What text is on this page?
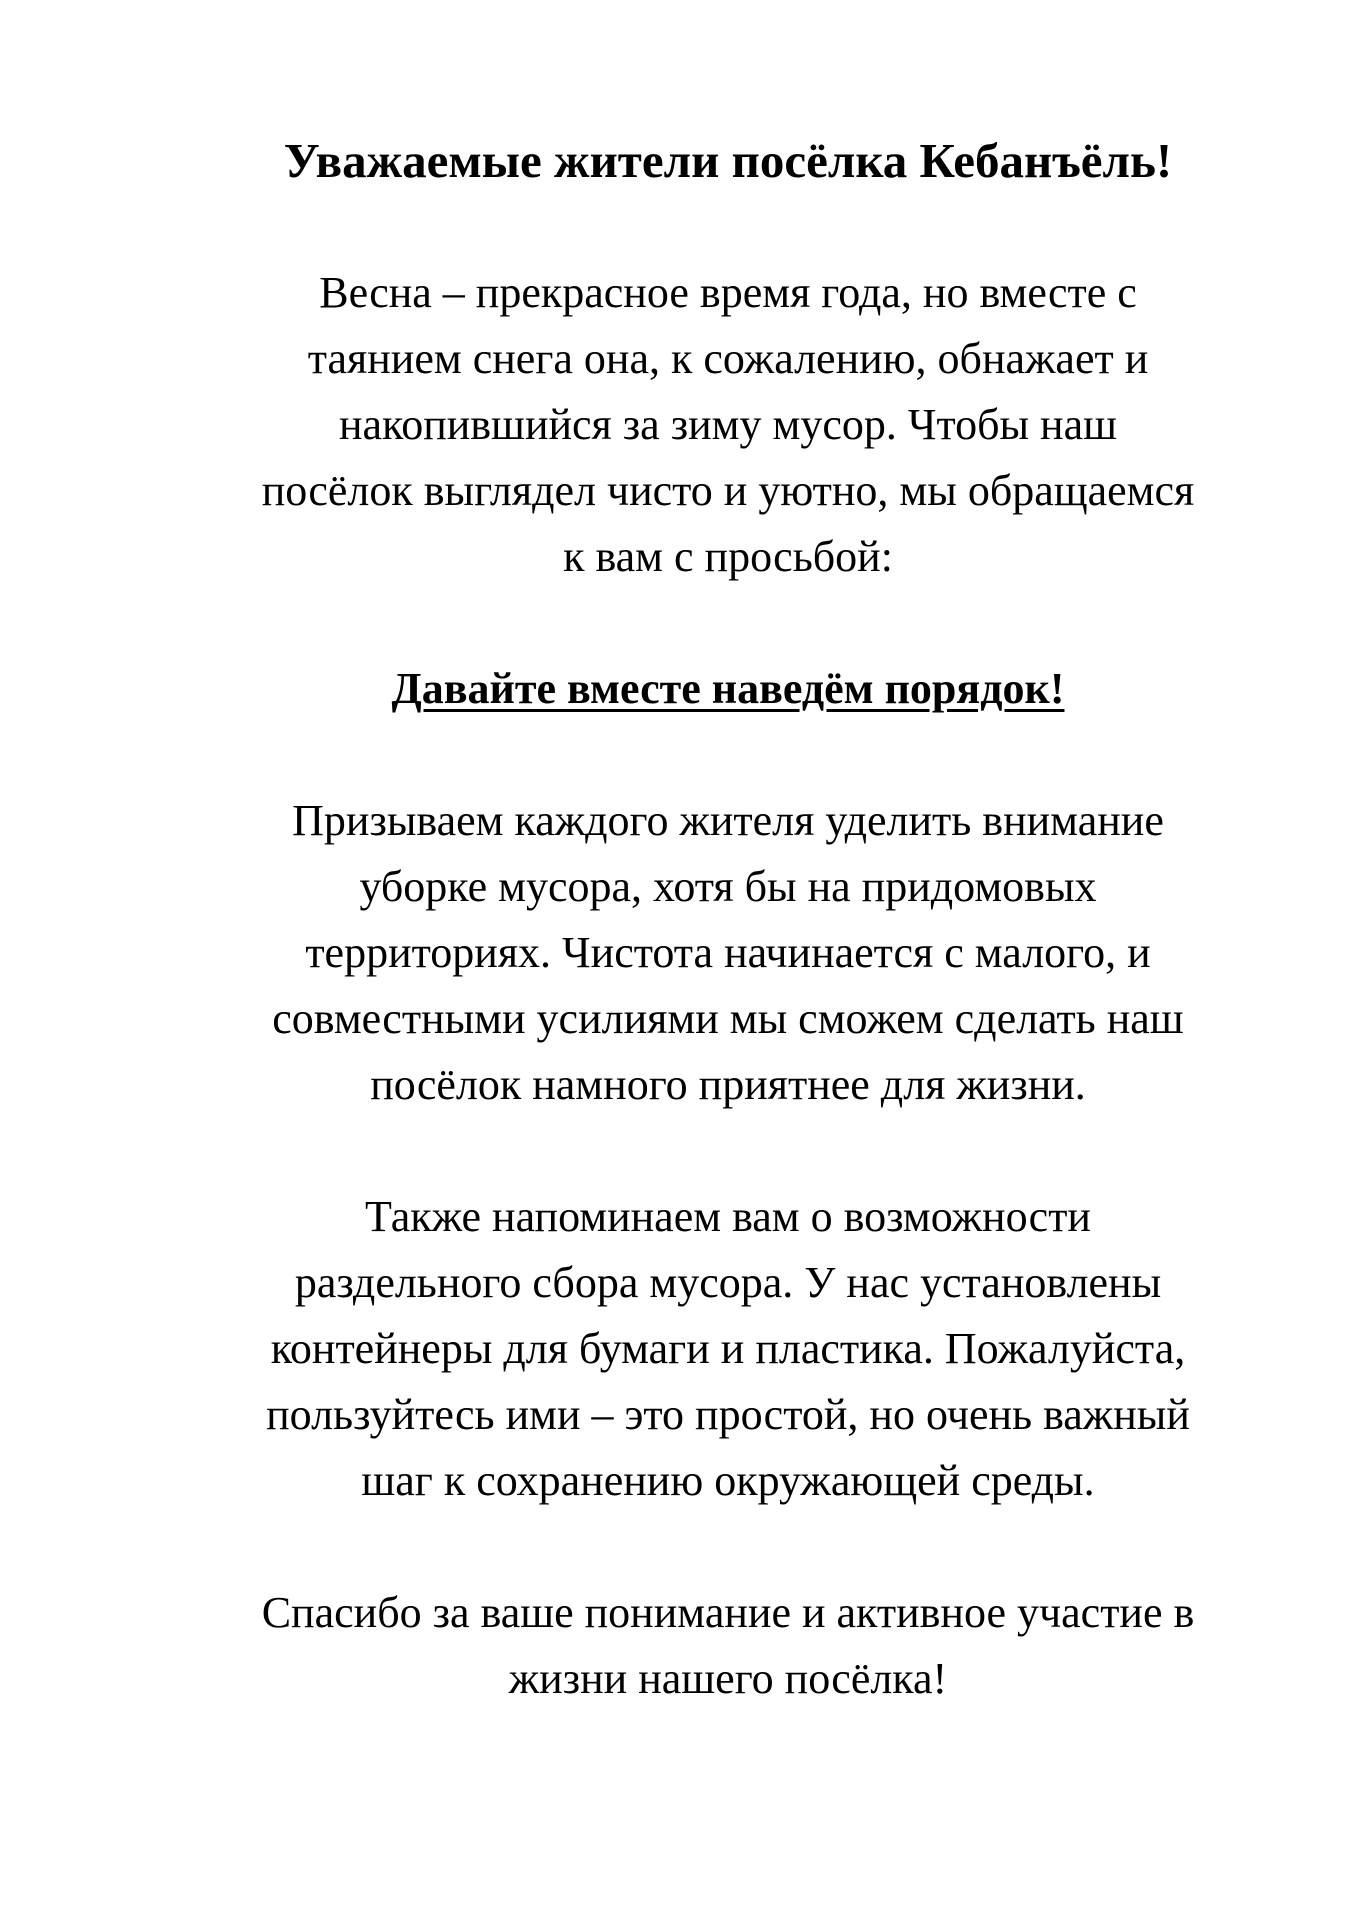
Уважаемые жители посёлка Кебанъёль!
Весна – прекрасное время года, но вместе с
таянием снега она, к сожалению, обнажает и
накопившийся за зиму мусор. Чтобы наш
посёлок выглядел чисто и уютно, мы обращаемся
к вам с просьбой:
Давайте вместе наведём порядок!
Призываем каждого жителя уделить внимание
уборке мусора, хотя бы на придомовых
территориях. Чистота начинается с малого, и
совместными усилиями мы сможем сделать наш
посёлок намного приятнее для жизни.
Также напоминаем вам о возможности
раздельного сбора мусора. У нас установлены
контейнеры для бумаги и пластика. Пожалуйста,
пользуйтесь ими – это простой, но очень важный
шаг к сохранению окружающей среды.
Спасибо за ваше понимание и активное участие в
жизни нашего посёлка!
